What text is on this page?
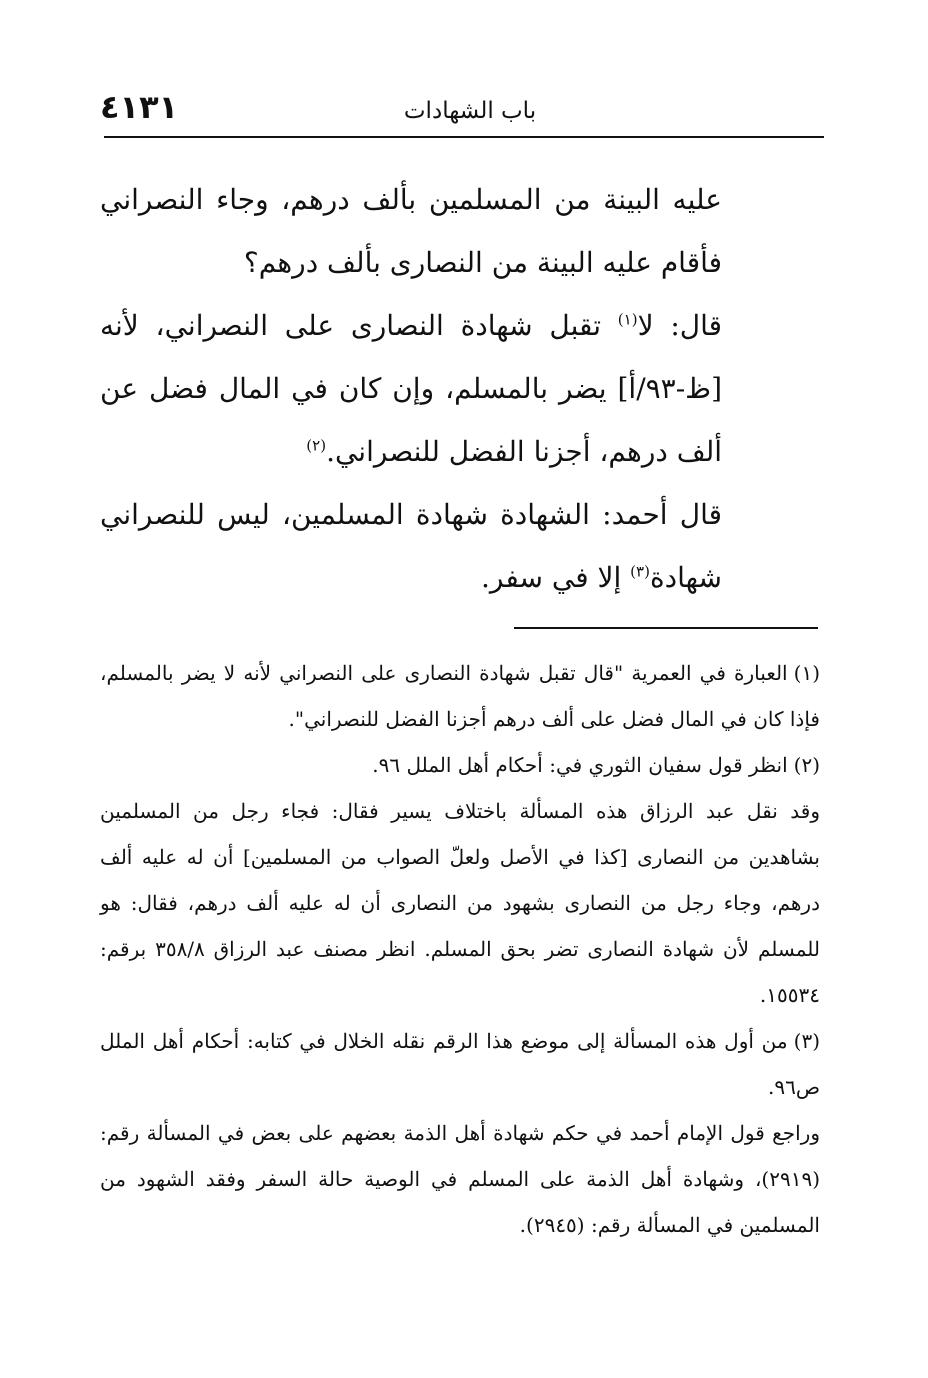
باب الشهادات
٤١٣١

عليه البينة من المسلمين بألف درهم، وجاء النصراني فأقام عليه البينة من النصارى بألف درهم؟

قال: لا$^{(١)}$ تقبل شهادة النصارى على النصراني، لأنه [ظ-٩٣/أ] يضر بالمسلم، وإن كان في المال فضل عن ألف درهم، أجزنا الفضل للنصراني.$^{(٢)}$

قال أحمد: الشهادة شهادة المسلمين، ليس للنصراني شهادة$^{(٣)}$ إلا في سفر.

(١)العبارة في العمرية "قال تقبل شهادة النصارى على النصراني لأنه لا يضر بالمسلم، فإذا كان في المال فضل على ألف درهم أجزنا الفضل للنصراني".

(٢)انظر قول سفيان الثوري في: أحكام أهل الملل ٩٦.

وقد نقل عبد الرزاق هذه المسألة باختلاف يسير فقال: فجاء رجل من المسلمين بشاهدين من النصارى [كذا في الأصل ولعلّ الصواب من المسلمين] أن له عليه ألف درهم، وجاء رجل من النصارى بشهود من النصارى أن له عليه ألف درهم، فقال: هو للمسلم لأن شهادة النصارى تضر بحق المسلم. انظر مصنف عبد الرزاق ٣٥٨/٨ برقم: ١٥٥٣٤.

(٣)من أول هذه المسألة إلى موضع هذا الرقم نقله الخلال في كتابه: أحكام أهل الملل ص٩٦.

وراجع قول الإمام أحمد في حكم شهادة أهل الذمة بعضهم على بعض في المسألة رقم: (٢٩١٩)، وشهادة أهل الذمة على المسلم في الوصية حالة السفر وفقد الشهود من المسلمين في المسألة رقم: (٢٩٤٥).
